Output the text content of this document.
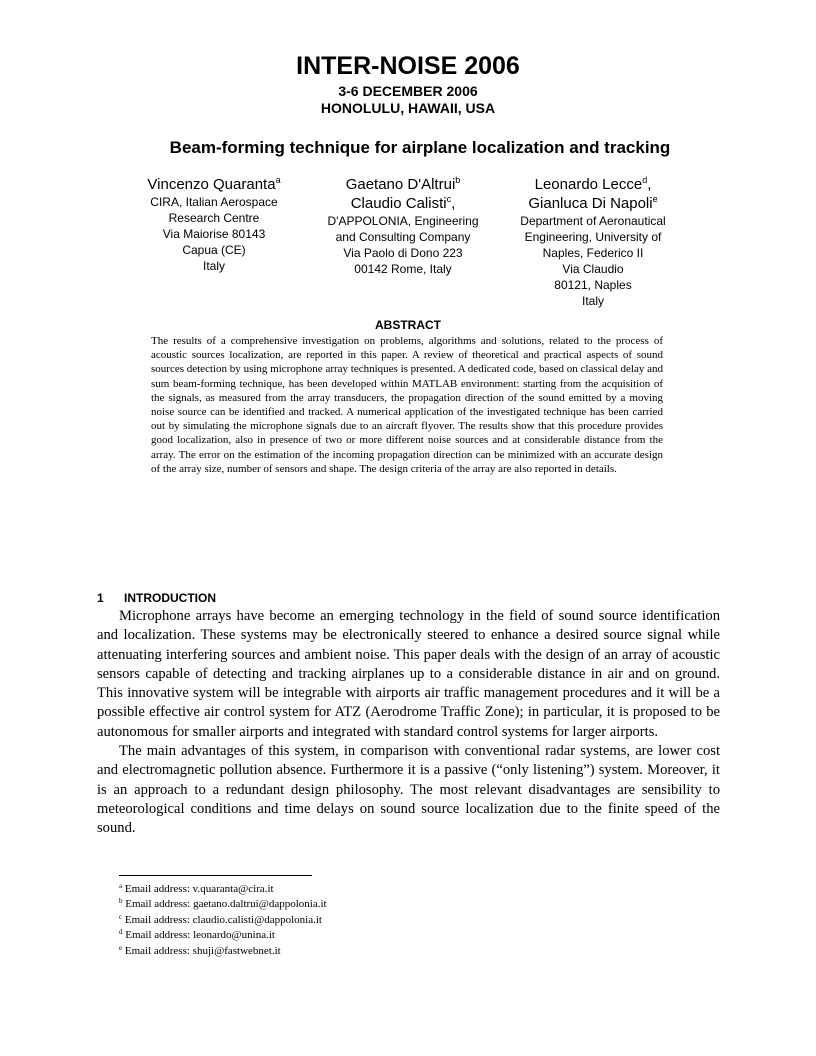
INTER-NOISE 2006
3-6 DECEMBER 2006
HONOLULU, HAWAII, USA
Beam-forming technique for airplane localization and tracking
Vincenzo Quaranta$^a$
CIRA, Italian Aerospace
Research Centre
Via Maiorise 80143
Capua (CE)
Italy
Gaetano D'Altrui$^b$
Claudio Calisti$^c$,
D'APPOLONIA, Engineering
and Consulting Company
Via Paolo di Dono 223
00142 Rome, Italy
Leonardo Lecce$^d$,
Gianluca Di Napoli$^e$
Department of Aeronautical
Engineering, University of
Naples, Federico II
Via Claudio
80121, Naples
Italy
ABSTRACT
The results of a comprehensive investigation on problems, algorithms and solutions, related to the process of acoustic sources localization, are reported in this paper. A review of theoretical and practical aspects of sound sources detection by using microphone array techniques is presented. A dedicated code, based on classical delay and sum beam-forming technique, has been developed within MATLAB environment: starting from the acquisition of the signals, as measured from the array transducers, the propagation direction of the sound emitted by a moving noise source can be identified and tracked. A numerical application of the investigated technique has been carried out by simulating the microphone signals due to an aircraft flyover. The results show that this procedure provides good localization, also in presence of two or more different noise sources and at considerable distance from the array. The error on the estimation of the incoming propagation direction can be minimized with an accurate design of the array size, number of sensors and shape. The design criteria of the array are also reported in details.
1 INTRODUCTION

Microphone arrays have become an emerging technology in the field of sound source identification and localization. These systems may be electronically steered to enhance a desired source signal while attenuating interfering sources and ambient noise. This paper deals with the design of an array of acoustic sensors capable of detecting and tracking airplanes up to a considerable distance in air and on ground. This innovative system will be integrable with airports air traffic management procedures and it will be a possible effective air control system for ATZ (Aerodrome Traffic Zone); in particular, it is proposed to be autonomous for smaller airports and integrated with standard control systems for larger airports.

The main advantages of this system, in comparison with conventional radar systems, are lower cost and electromagnetic pollution absence. Furthermore it is a passive (“only listening”) system. Moreover, it is an approach to a redundant design philosophy. The most relevant disadvantages are sensibility to meteorological conditions and time delays on sound source localization due to the finite speed of the sound.

$^a$ Email address: v.quaranta@cira.it
$^b$ Email address: gaetano.daltrui@dappolonia.it
$^c$ Email address: claudio.calisti@dappolonia.it
$^d$ Email address: leonardo@unina.it
$^e$ Email address: shuji@fastwebnet.it
